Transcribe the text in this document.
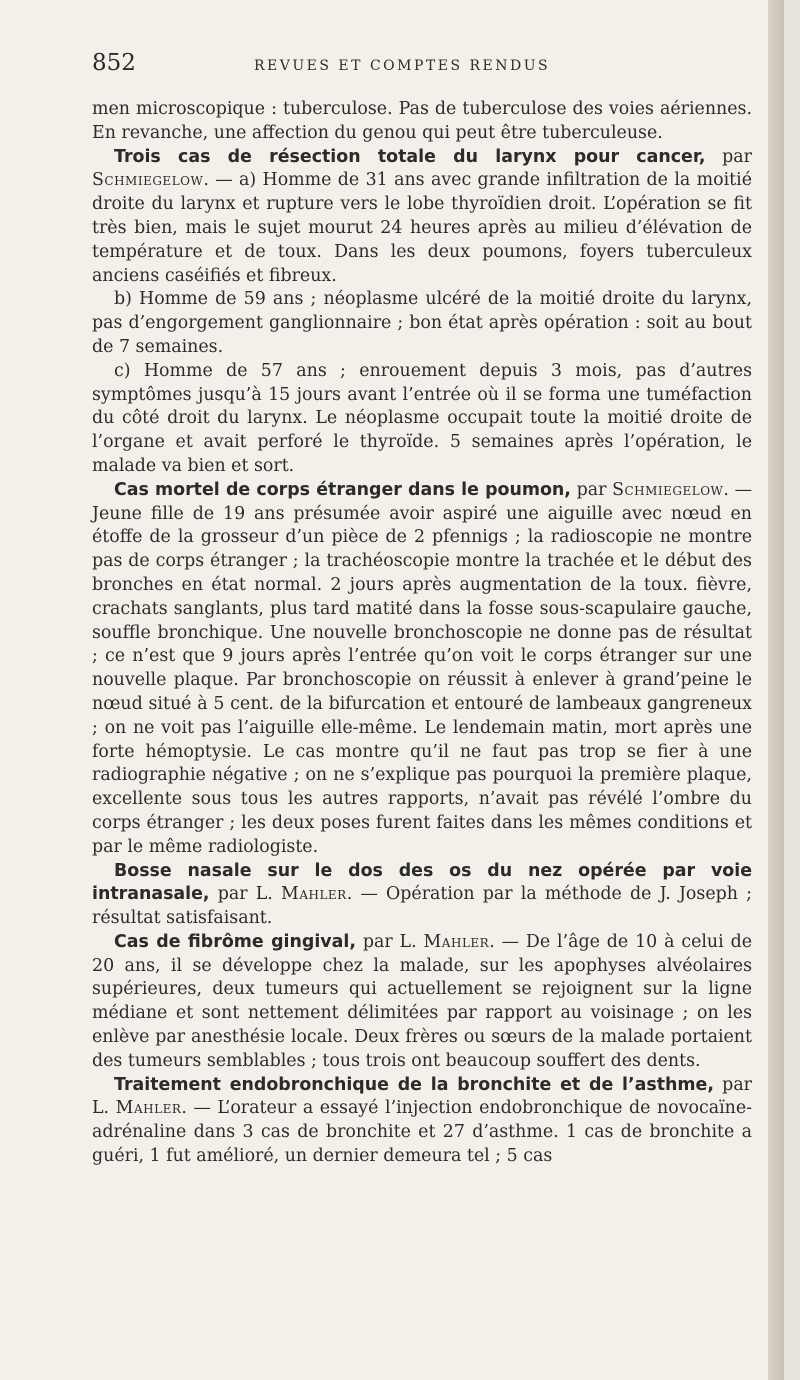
852	REVUES ET COMPTES RENDUS

men microscopique : tuberculose. Pas de tuberculose des voies aériennes. En revanche, une affection du genou qui peut être tuberculeuse.

Trois cas de résection totale du larynx pour cancer, par Schmiegelow. — a) Homme de 31 ans avec grande infiltration de la moitié droite du larynx et rupture vers le lobe thyroïdien droit. L’opération se fit très bien, mais le sujet mourut 24 heures après au milieu d’élévation de température et de toux. Dans les deux poumons, foyers tuberculeux anciens caséifiés et fibreux.

b) Homme de 59 ans ; néoplasme ulcéré de la moitié droite du larynx, pas d’engorgement ganglionnaire ; bon état après opération : soit au bout de 7 semaines.

c) Homme de 57 ans ; enrouement depuis 3 mois, pas d’autres symptômes jusqu’à 15 jours avant l’entrée où il se forma une tuméfaction du côté droit du larynx. Le néoplasme occupait toute la moitié droite de l’organe et avait perforé le thyroïde. 5 semaines après l’opération, le malade va bien et sort.

Cas mortel de corps étranger dans le poumon, par Schmiegelow. — Jeune fille de 19 ans présumée avoir aspiré une aiguille avec nœud en étoffe de la grosseur d’un pièce de 2 pfennigs ; la radioscopie ne montre pas de corps étranger ; la trachéoscopie montre la trachée et le début des bronches en état normal. 2 jours après augmentation de la toux. fièvre, crachats sanglants, plus tard matité dans la fosse sous-scapulaire gauche, souffle bronchique. Une nouvelle bronchoscopie ne donne pas de résultat ; ce n’est que 9 jours après l’entrée qu’on voit le corps étranger sur une nouvelle plaque. Par bronchoscopie on réussit à enlever à grand’peine le nœud situé à 5 cent. de la bifurcation et entouré de lambeaux gangreneux ; on ne voit pas l’aiguille elle-même. Le lendemain matin, mort après une forte hémoptysie. Le cas montre qu’il ne faut pas trop se fier à une radiographie négative ; on ne s’explique pas pourquoi la première plaque, excellente sous tous les autres rapports, n’avait pas révélé l’ombre du corps étranger ; les deux poses furent faites dans les mêmes conditions et par le même radiologiste.

Bosse nasale sur le dos des os du nez opérée par voie intranasale, par L. Mahler. — Opération par la méthode de J. Joseph ; résultat satisfaisant.

Cas de fibrôme gingival, par L. Mahler. — De l’âge de 10 à celui de 20 ans, il se développe chez la malade, sur les apophyses alvéolaires supérieures, deux tumeurs qui actuellement se rejoignent sur la ligne médiane et sont nettement délimitées par rapport au voisinage ; on les enlève par anesthésie locale. Deux frères ou sœurs de la malade portaient des tumeurs semblables ; tous trois ont beaucoup souffert des dents.

Traitement endobronchique de la bronchite et de l’asthme, par L. Mahler. — L’orateur a essayé l’injection endobronchique de novocaïne-adrénaline dans 3 cas de bronchite et 27 d’asthme. 1 cas de bronchite a guéri, 1 fut amélioré, un dernier demeura tel ; 5 cas
